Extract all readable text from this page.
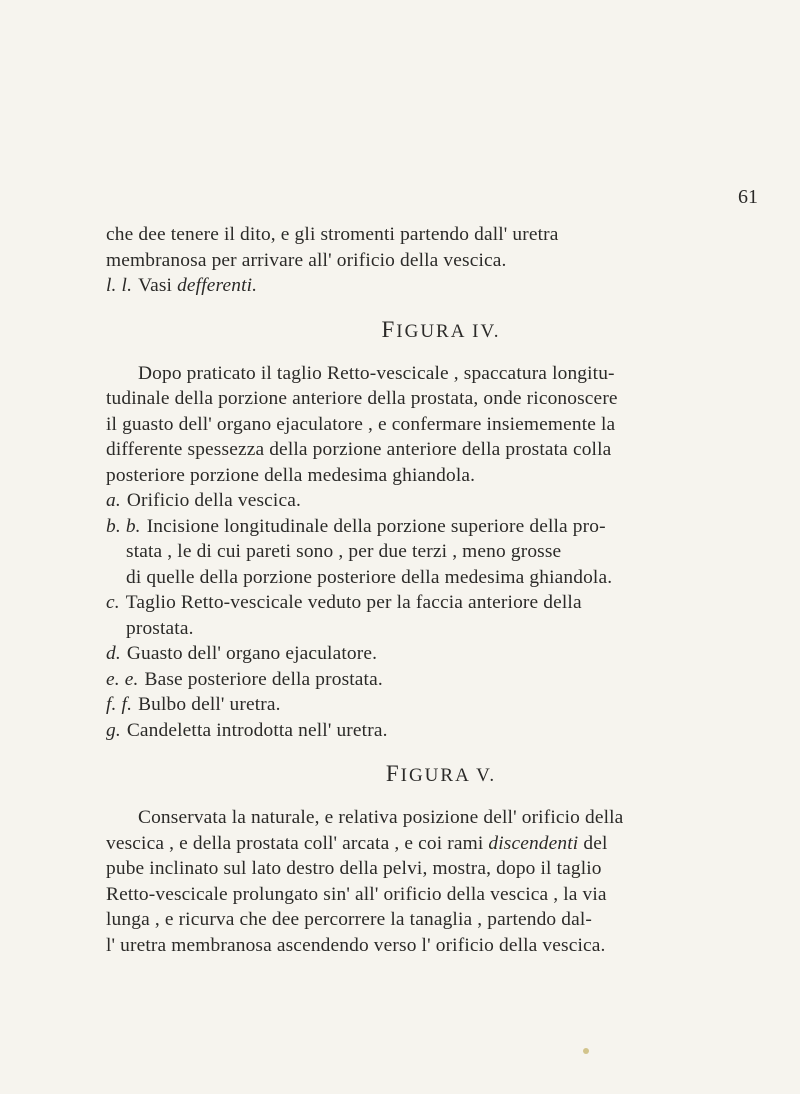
61
che dee tenere il dito, e gli stromenti partendo dall' uretra
membranosa per arrivare all' orificio della vescica.
l. l. Vasi defferenti.
FIGURA IV.
Dopo praticato il taglio Retto-vescicale , spaccatura longitu-
tudinale della porzione anteriore della prostata, onde riconoscere
il guasto dell' organo ejaculatore , e confermare insiememente la
differente spessezza della porzione anteriore della prostata colla
posteriore porzione della medesima ghiandola.
a. Orificio della vescica.
b. b. Incisione longitudinale della porzione superiore della pro-
stata , le di cui pareti sono , per due terzi , meno grosse
di quelle della porzione posteriore della medesima ghiandola.
c. Taglio Retto-vescicale veduto per la faccia anteriore della
prostata.
d. Guasto dell' organo ejaculatore.
e. e. Base posteriore della prostata.
f. f. Bulbo dell' uretra.
g. Candeletta introdotta nell' uretra.
FIGURA V.
Conservata la naturale, e relativa posizione dell' orificio della
vescica , e della prostata coll' arcata , e coi rami discendenti del
pube inclinato sul lato destro della pelvi, mostra, dopo il taglio
Retto-vescicale prolungato sin' all' orificio della vescica , la via
lunga , e ricurva che dee percorrere la tanaglia , partendo dal-
l' uretra membranosa ascendendo verso l' orificio della vescica.
